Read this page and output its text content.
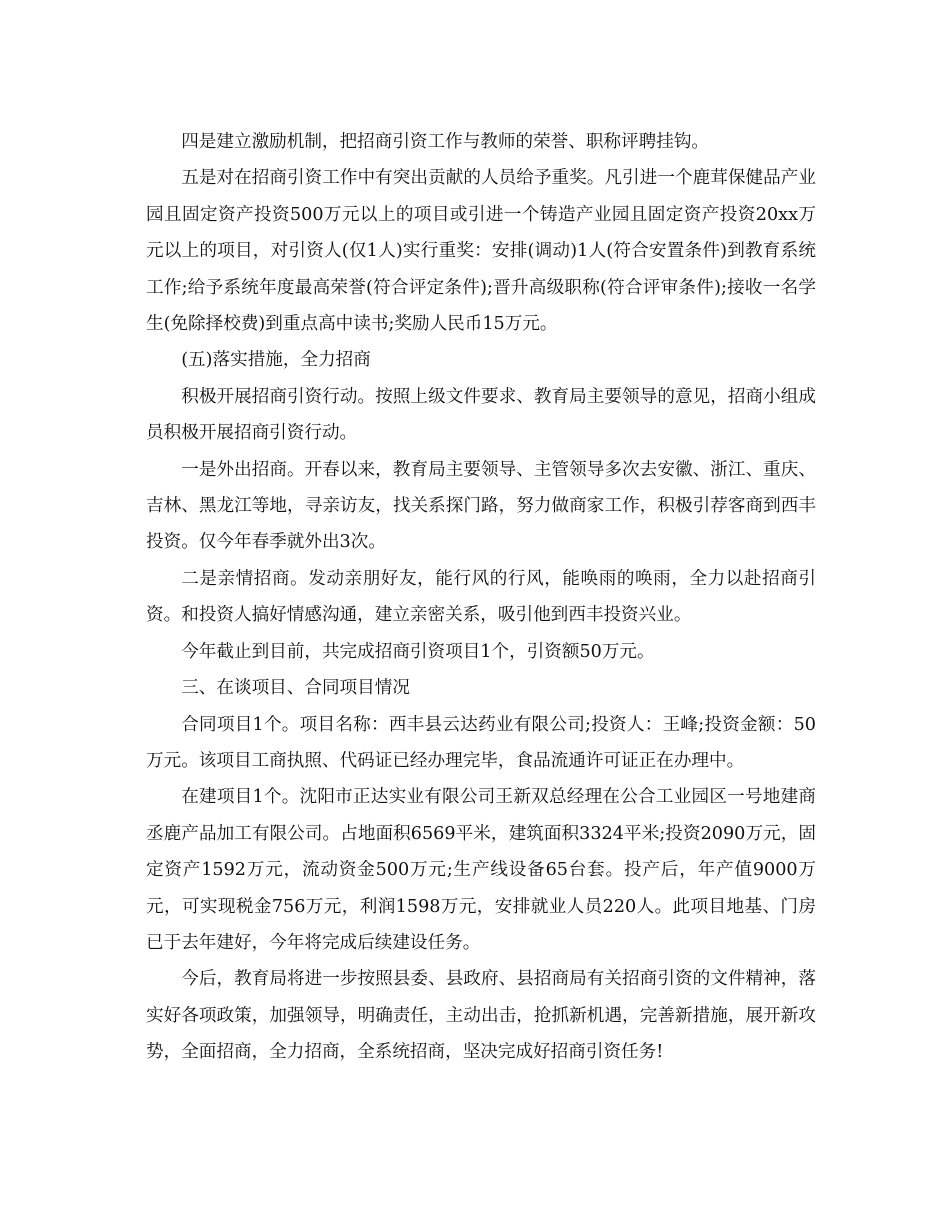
四是建立激励机制，把招商引资工作与教师的荣誉、职称评聘挂钩。

五是对在招商引资工作中有突出贡献的人员给予重奖。凡引进一个鹿茸保健品产业园且固定资产投资500万元以上的项目或引进一个铸造产业园且固定资产投资20xx万元以上的项目，对引资人(仅1人)实行重奖：安排(调动)1人(符合安置条件)到教育系统工作;给予系统年度最高荣誉(符合评定条件);晋升高级职称(符合评审条件);接收一名学生(免除择校费)到重点高中读书;奖励人民币15万元。

(五)落实措施，全力招商

积极开展招商引资行动。按照上级文件要求、教育局主要领导的意见，招商小组成员积极开展招商引资行动。

一是外出招商。开春以来，教育局主要领导、主管领导多次去安徽、浙江、重庆、吉林、黑龙江等地，寻亲访友，找关系探门路，努力做商家工作，积极引荐客商到西丰投资。仅今年春季就外出3次。

二是亲情招商。发动亲朋好友，能行风的行风，能唤雨的唤雨，全力以赴招商引资。和投资人搞好情感沟通，建立亲密关系，吸引他到西丰投资兴业。

今年截止到目前，共完成招商引资项目1个，引资额50万元。

三、在谈项目、合同项目情况

合同项目1个。项目名称：西丰县云达药业有限公司;投资人：王峰;投资金额：50万元。该项目工商执照、代码证已经办理完毕，食品流通许可证正在办理中。

在建项目1个。沈阳市正达实业有限公司王新双总经理在公合工业园区一号地建商丞鹿产品加工有限公司。占地面积6569平米，建筑面积3324平米;投资2090万元，固定资产1592万元，流动资金500万元;生产线设备65台套。投产后，年产值9000万元，可实现税金756万元，利润1598万元，安排就业人员220人。此项目地基、门房已于去年建好，今年将完成后续建设任务。

今后，教育局将进一步按照县委、县政府、县招商局有关招商引资的文件精神，落实好各项政策，加强领导，明确责任，主动出击，抢抓新机遇，完善新措施，展开新攻势，全面招商，全力招商，全系统招商，坚决完成好招商引资任务!
